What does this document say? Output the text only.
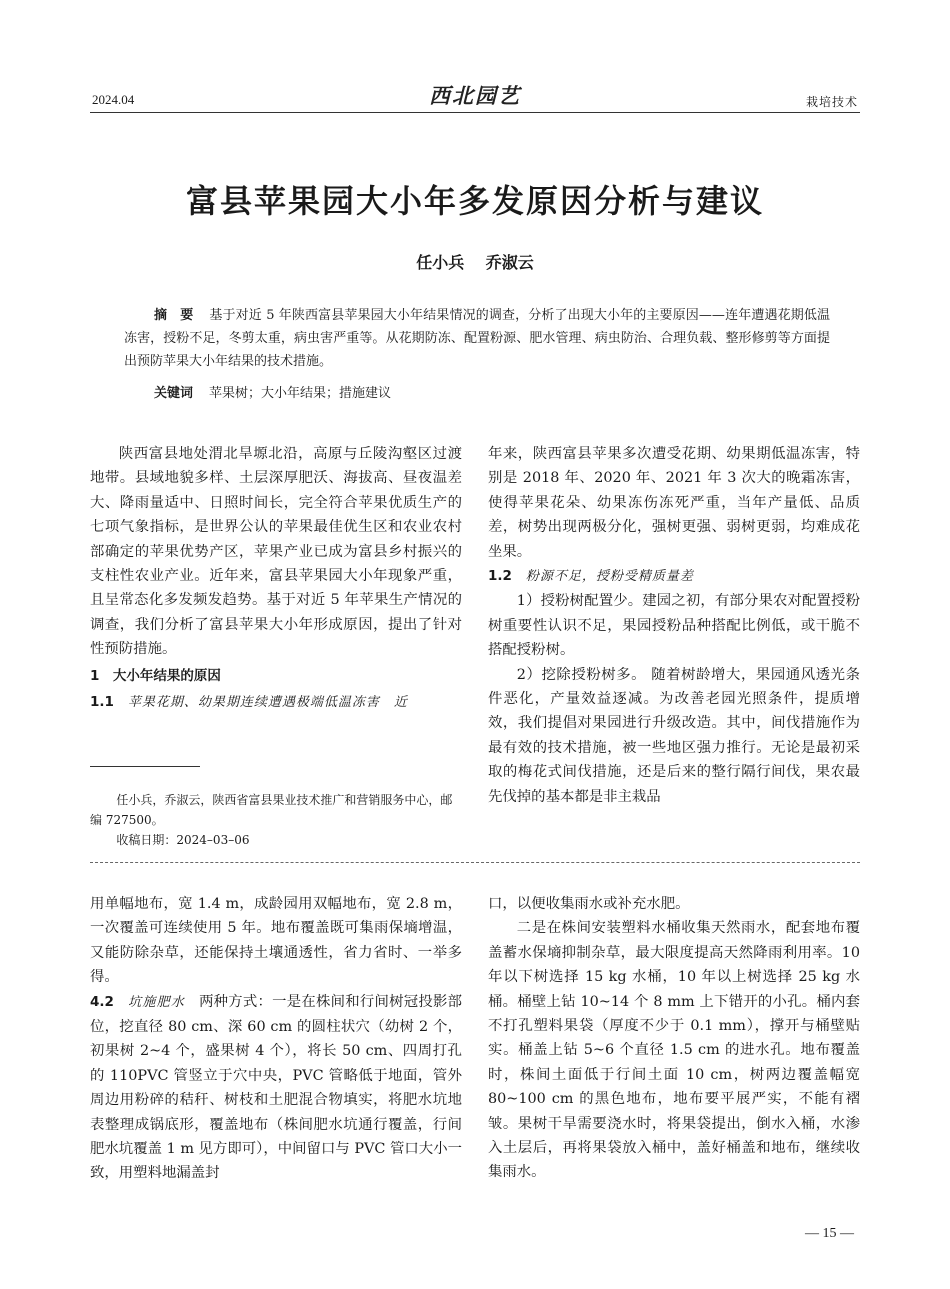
2024.04	西北园艺	栽培技术
富县苹果园大小年多发原因分析与建议
任小兵 乔淑云
摘　要 基于对近 5 年陕西富县苹果园大小年结果情况的调查，分析了出现大小年的主要原因——连年遭遇花期低温冻害，授粉不足，冬剪太重，病虫害严重等。从花期防冻、配置粉源、肥水管理、病虫防治、合理负载、整形修剪等方面提出预防苹果大小年结果的技术措施。
关键词 苹果树；大小年结果；措施建议

陕西富县地处渭北旱塬北沿，高原与丘陵沟壑区过渡地带。县域地貌多样、土层深厚肥沃、海拔高、昼夜温差大、降雨量适中、日照时间长，完全符合苹果优质生产的七项气象指标，是世界公认的苹果最佳优生区和农业农村部确定的苹果优势产区，苹果产业已成为富县乡村振兴的支柱性农业产业。近年来，富县苹果园大小年现象严重，且呈常态化多发频发趋势。基于对近 5 年苹果生产情况的调查，我们分析了富县苹果大小年形成原因，提出了针对性预防措施。

1　大小年结果的原因
1.1 苹果花期、幼果期连续遭遇极端低温冻害　近

任小兵，乔淑云，陕西省富县果业技术推广和营销服务中心，邮编 727500。

收稿日期：2024–03–06

年来，陕西富县苹果多次遭受花期、幼果期低温冻害，特别是 2018 年、2020 年、2021 年 3 次大的晚霜冻害，使得苹果花朵、幼果冻伤冻死严重，当年产量低、品质差，树势出现两极分化，强树更强、弱树更弱，均难成花坐果。

1.2 粉源不足，授粉受精质量差

1）授粉树配置少。建园之初，有部分果农对配置授粉树重要性认识不足，果园授粉品种搭配比例低，或干脆不搭配授粉树。

2）挖除授粉树多。 随着树龄增大，果园通风透光条件恶化，产量效益逐减。为改善老园光照条件，提质增效，我们提倡对果园进行升级改造。其中，间伐措施作为最有效的技术措施，被一些地区强力推行。无论是最初采取的梅花式间伐措施，还是后来的整行隔行间伐，果农最先伐掉的基本都是非主栽品

用单幅地布，宽 1.4 m，成龄园用双幅地布，宽 2.8 m，一次覆盖可连续使用 5 年。地布覆盖既可集雨保墒增温，又能防除杂草，还能保持土壤通透性，省力省时、一举多得。

4.2 坑施肥水 两种方式：一是在株间和行间树冠投影部位，挖直径 80 cm、深 60 cm 的圆柱状穴（幼树 2 个，初果树 2~4 个，盛果树 4 个），将长 50 cm、四周打孔的 110PVC 管竖立于穴中央，PVC 管略低于地面，管外周边用粉碎的秸秆、树枝和土肥混合物填实，将肥水坑地表整理成锅底形，覆盖地布（株间肥水坑通行覆盖，行间肥水坑覆盖 1 m 见方即可），中间留口与 PVC 管口大小一致，用塑料地漏盖封

口，以便收集雨水或补充水肥。

二是在株间安装塑料水桶收集天然雨水，配套地布覆盖蓄水保墒抑制杂草，最大限度提高天然降雨利用率。10 年以下树选择 15 kg 水桶，10 年以上树选择 25 kg 水桶。桶壁上钻 10~14 个 8 mm 上下错开的小孔。桶内套不打孔塑料果袋（厚度不少于 0.1 mm），撑开与桶壁贴实。桶盖上钻 5~6 个直径 1.5 cm 的进水孔。地布覆盖时，株间土面低于行间土面 10 cm，树两边覆盖幅宽 80~100 cm 的黑色地布，地布要平展严实，不能有褶皱。果树干旱需要浇水时，将果袋提出，倒水入桶，水渗入土层后，再将果袋放入桶中，盖好桶盖和地布，继续收集雨水。

— 15 —
